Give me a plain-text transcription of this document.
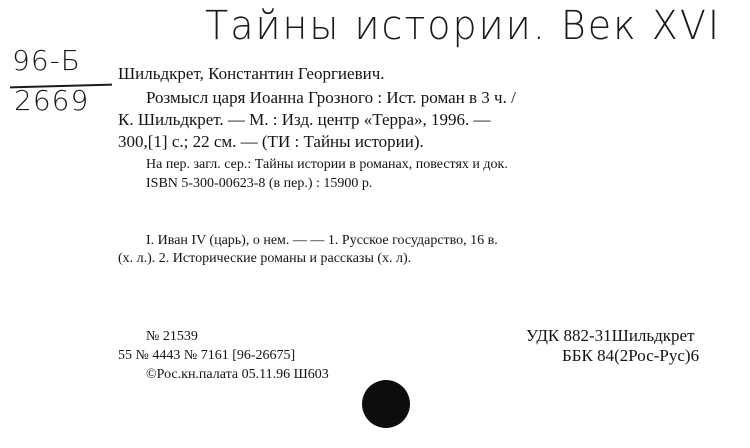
Тайны истории. Век XVI
96-Б
2669
Шильдкрет, Константин Георгиевич.
Розмысл царя Иоанна Грозного : Ист. роман в 3 ч. /
К. Шильдкрет. — М. : Изд. центр «Терра», 1996. —
300,[1] с.; 22 см. — (ТИ : Тайны истории).
На пер. загл. сер.: Тайны истории в романах, повестях и док.
ISBN 5-300-00623-8 (в пер.) : 15900 р.
I. Иван IV (царь), о нем. — — 1. Русское государство, 16 в.
(х. л.). 2. Исторические романы и рассказы (х. л).
№ 21539
55 № 4443 № 7161 [96-26675]
©Рос.кн.палата 05.11.96 Ш603
УДК 882-31Шильдкрет
ББК 84(2Рос-Рус)6
